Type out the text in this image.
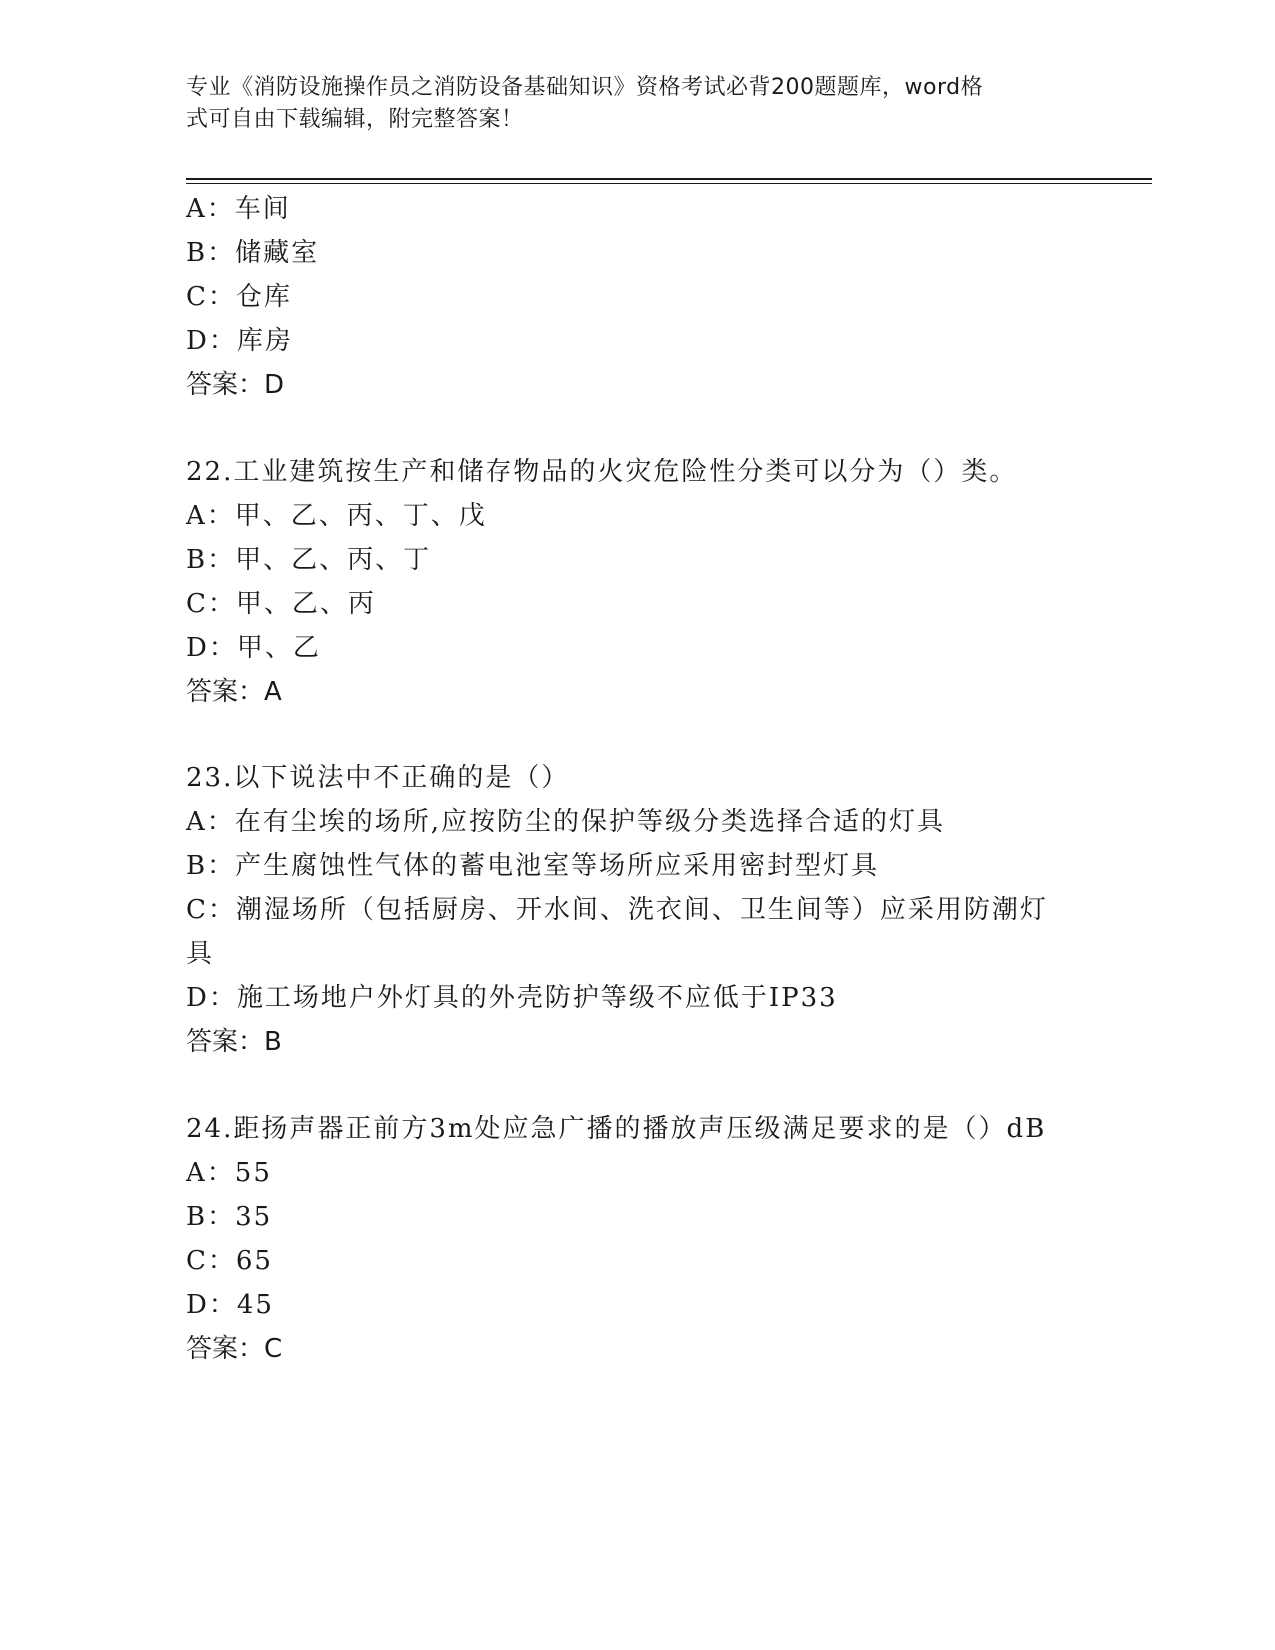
专业《消防设施操作员之消防设备基础知识》资格考试必背200题题库，word格
式可自由下载编辑，附完整答案！
A：车间
B：储藏室
C：仓库
D：库房
答案：D
22.工业建筑按生产和储存物品的火灾危险性分类可以分为（）类。
A：甲、乙、丙、丁、戊
B：甲、乙、丙、丁
C：甲、乙、丙
D：甲、乙
答案：A
23.以下说法中不正确的是（）
A：在有尘埃的场所,应按防尘的保护等级分类选择合适的灯具
B：产生腐蚀性气体的蓄电池室等场所应采用密封型灯具
C：潮湿场所（包括厨房、开水间、洗衣间、卫生间等）应采用防潮灯
具
D：施工场地户外灯具的外壳防护等级不应低于IP33
答案：B
24.距扬声器正前方3m处应急广播的播放声压级满足要求的是（）dB
A：55
B：35
C：65
D：45
答案：C
